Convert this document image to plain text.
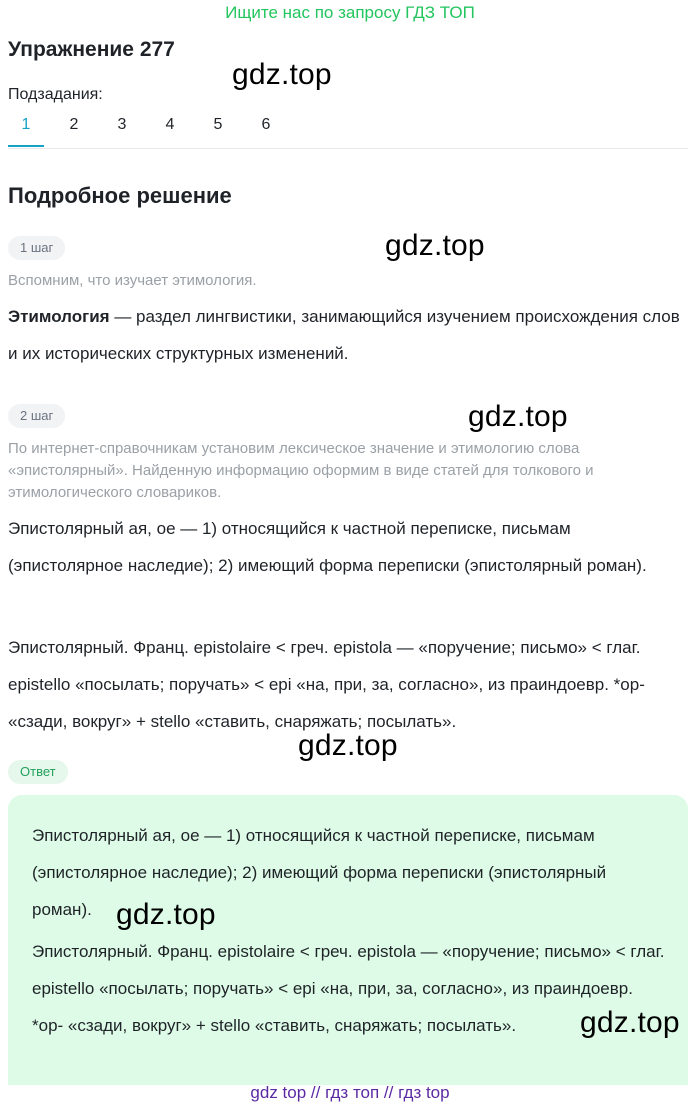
Ищите нас по запросу ГДЗ ТОП
Упражнение 277
gdz.top
Подзадания:
1	2	3	4	5	6
Подробное решение
1 шаг	gdz.top
Вспомним, что изучает этимология.
Этимология — раздел лингвистики, занимающийся изучением происхождения слов и их исторических структурных изменений.
2 шаг	gdz.top
По интернет-справочникам установим лексическое значение и этимологию слова «эпистолярный». Найденную информацию оформим в виде статей для толкового и этимологического словариков.
Эпистолярный ая, ое — 1) относящийся к частной переписке, письмам (эпистолярное наследие); 2) имеющий форма переписки (эпистолярный роман).
Эпистолярный. Франц. epistolaire < греч. epistola — «поручение; письмо» < глаг. epistello «посылать; поручать» < epi «на, при, за, согласно», из праиндоевр. *op- «сзади, вокруг» + stello «ставить, снаряжать; посылать».
gdz.top
Ответ
Эпистолярный ая, ое — 1) относящийся к частной переписке, письмам (эпистолярное наследие); 2) имеющий форма переписки (эпистолярный роман). gdz.top
Эпистолярный. Франц. epistolaire < греч. epistola — «поручение; письмо» < глаг. epistello «посылать; поручать» < epi «на, при, за, согласно», из праиндоевр. *op- «сзади, вокруг» + stello «ставить, снаряжать; посылать».	gdz.top
gdz top // гдз топ // гдз top
